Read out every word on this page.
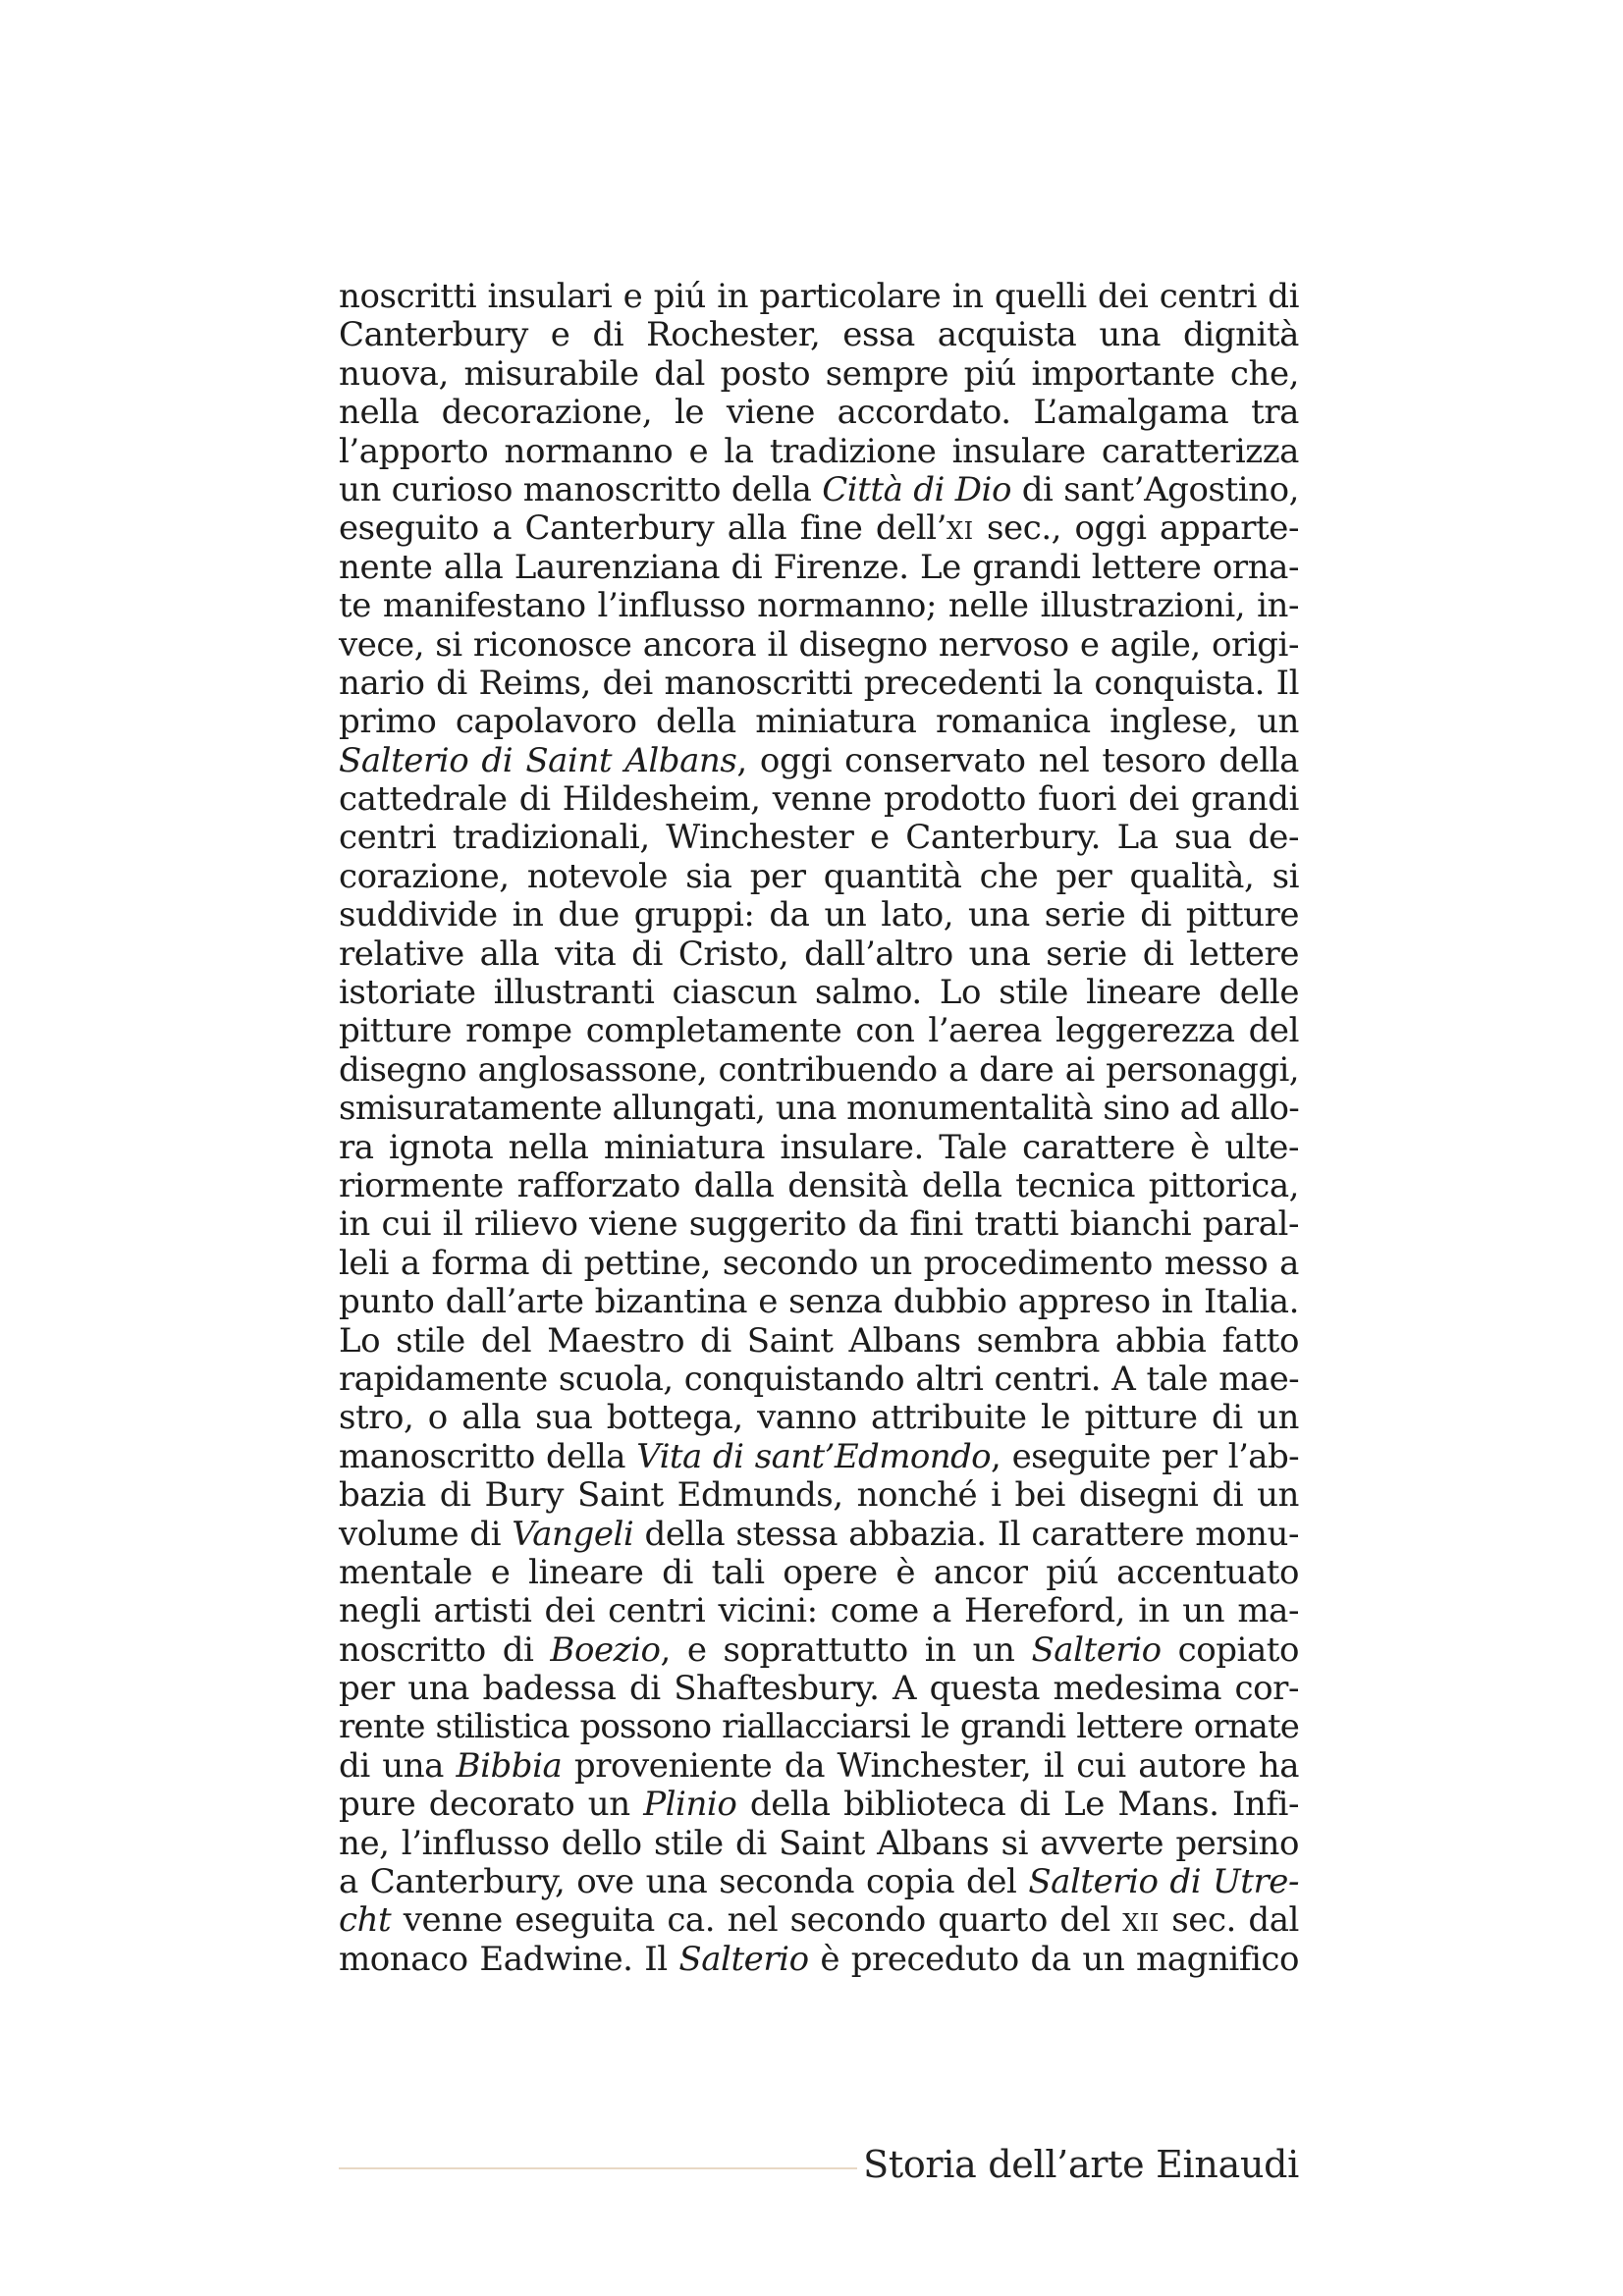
noscritti insulari e piú in particolare in quelli dei centri di
Canterbury e di Rochester, essa acquista una dignità
nuova, misurabile dal posto sempre piú importante che,
nella decorazione, le viene accordato. L’amalgama tra
l’apporto normanno e la tradizione insulare caratterizza
un curioso manoscritto della Città di Dio di sant’Agostino,
eseguito a Canterbury alla fine dell’xi sec., oggi apparte-
nente alla Laurenziana di Firenze. Le grandi lettere orna-
te manifestano l’influsso normanno; nelle illustrazioni, in-
vece, si riconosce ancora il disegno nervoso e agile, origi-
nario di Reims, dei manoscritti precedenti la conquista. Il
primo capolavoro della miniatura romanica inglese, un
Salterio di Saint Albans, oggi conservato nel tesoro della
cattedrale di Hildesheim, venne prodotto fuori dei grandi
centri tradizionali, Winchester e Canterbury. La sua de-
corazione, notevole sia per quantità che per qualità, si
suddivide in due gruppi: da un lato, una serie di pitture
relative alla vita di Cristo, dall’altro una serie di lettere
istoriate illustranti ciascun salmo. Lo stile lineare delle
pitture rompe completamente con l’aerea leggerezza del
disegno anglosassone, contribuendo a dare ai personaggi,
smisuratamente allungati, una monumentalità sino ad allo-
ra ignota nella miniatura insulare. Tale carattere è ulte-
riormente rafforzato dalla densità della tecnica pittorica,
in cui il rilievo viene suggerito da fini tratti bianchi paral-
leli a forma di pettine, secondo un procedimento messo a
punto dall’arte bizantina e senza dubbio appreso in Italia.
Lo stile del Maestro di Saint Albans sembra abbia fatto
rapidamente scuola, conquistando altri centri. A tale mae-
stro, o alla sua bottega, vanno attribuite le pitture di un
manoscritto della Vita di sant’Edmondo, eseguite per l’ab-
bazia di Bury Saint Edmunds, nonché i bei disegni di un
volume di Vangeli della stessa abbazia. Il carattere monu-
mentale e lineare di tali opere è ancor piú accentuato
negli artisti dei centri vicini: come a Hereford, in un ma-
noscritto di Boezio, e soprattutto in un Salterio copiato
per una badessa di Shaftesbury. A questa medesima cor-
rente stilistica possono riallacciarsi le grandi lettere ornate
di una Bibbia proveniente da Winchester, il cui autore ha
pure decorato un Plinio della biblioteca di Le Mans. Infi-
ne, l’influsso dello stile di Saint Albans si avverte persino
a Canterbury, ove una seconda copia del Salterio di Utre-
cht venne eseguita ca. nel secondo quarto del xii sec. dal
monaco Eadwine. Il Salterio è preceduto da un magnifico
Storia dell’arte Einaudi
